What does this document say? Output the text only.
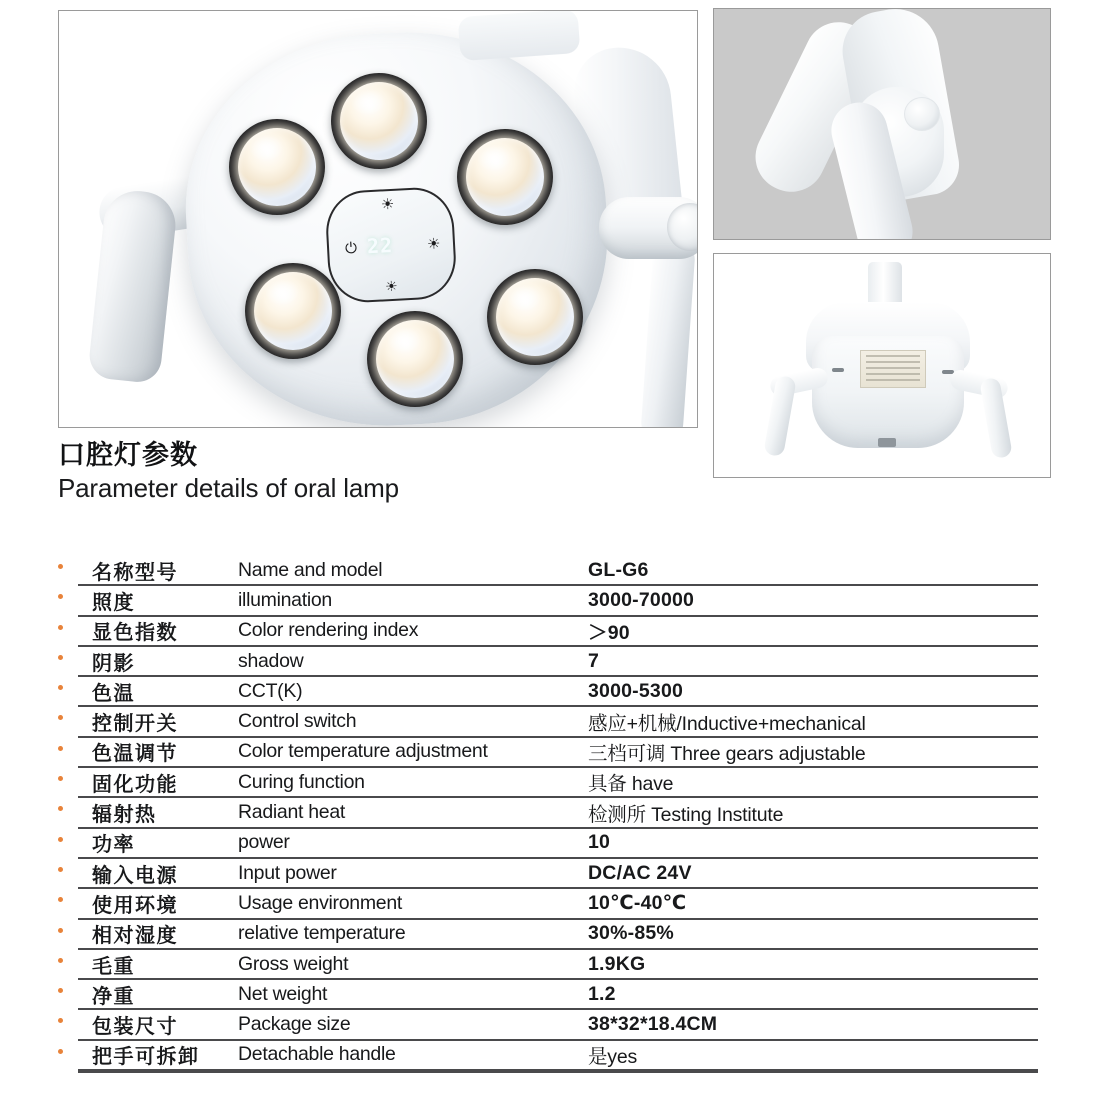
⏻
☀
☀
☀
22
口腔灯参数
Parameter details of oral lamp
名称型号	Name and model	GL-G6
照度	illumination	3000-70000
显色指数	Color rendering index	＞90
阴影	shadow	7
色温	CCT(K)	3000-5300
控制开关	Control switch	感应+机械/Inductive+mechanical
色温调节	Color temperature adjustment	三档可调 Three gears adjustable
固化功能	Curing function	具备 have
辐射热	Radiant heat	检测所 Testing Institute
功率	power	10
输入电源	Input power	DC/AC 24V
使用环境	Usage environment	10℃-40℃
相对湿度	relative temperature	30%-85%
毛重	Gross weight	1.9KG
净重	Net weight	1.2
包装尺寸	Package size	38*32*18.4CM
把手可拆卸	Detachable handle	是yes
